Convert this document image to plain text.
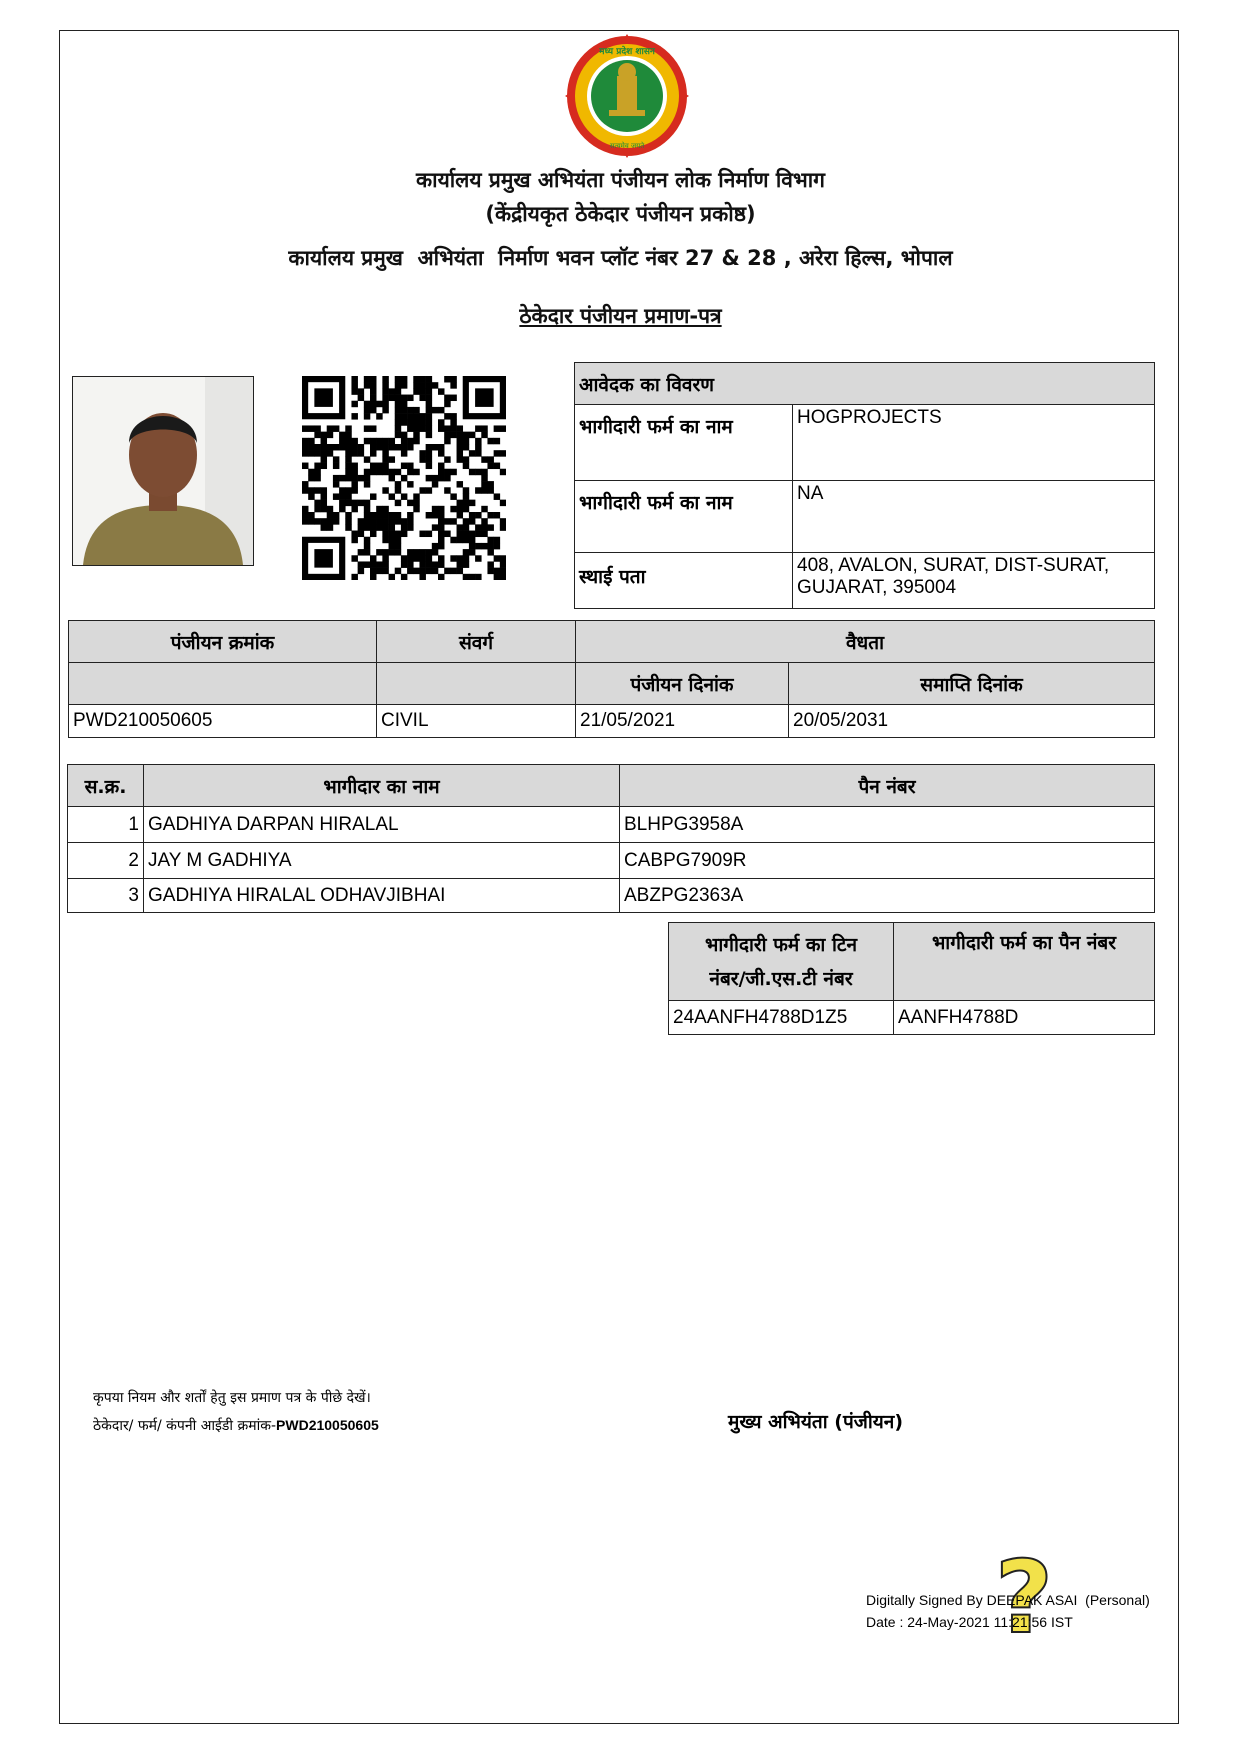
मध्य प्रदेश शासन
सत्यमेव जयते
कार्यालय प्रमुख अभियंता पंजीयन लोक निर्माण विभाग
(केंद्रीयकृत ठेकेदार पंजीयन प्रकोष्ठ)
कार्यालय प्रमुख  अभियंता  निर्माण भवन प्लॉट नंबर 27 & 28 , अरेरा हिल्स, भोपाल
ठेकेदार पंजीयन प्रमाण-पत्र
आवेदक का विवरण	
भागीदारी फर्म का नाम	HOGPROJECTS
भागीदारी फर्म का नाम	NA
स्थाई पता	408, AVALON, SURAT, DIST-SURAT, GUJARAT, 395004
पंजीयन क्रमांक	संवर्ग	वैधता	
		पंजीयन दिनांक	समाप्ति दिनांक
PWD210050605	CIVIL	21/05/2021	20/05/2031
स.क्र.	भागीदार का नाम	पैन नंबर
1	GADHIYA DARPAN HIRALAL	BLHPG3958A
2	JAY M GADHIYA	CABPG7909R
3	GADHIYA HIRALAL ODHAVJIBHAI	ABZPG2363A
भागीदारी फर्म का टिन
नंबर/जी.एस.टी नंबर	भागीदारी फर्म का पैन नंबर
24AANFH4788D1Z5	AANFH4788D
कृपया नियम और शर्तों हेतु इस प्रमाण पत्र के पीछे देखें।
ठेकेदार/ फर्म/ कंपनी आईडी क्रमांक-PWD210050605	मुख्य अभियंता (पंजीयन)
?
Digitally Signed By DEEPAK ASAI  (Personal)
Date : 24-May-2021 11:21:56 IST
